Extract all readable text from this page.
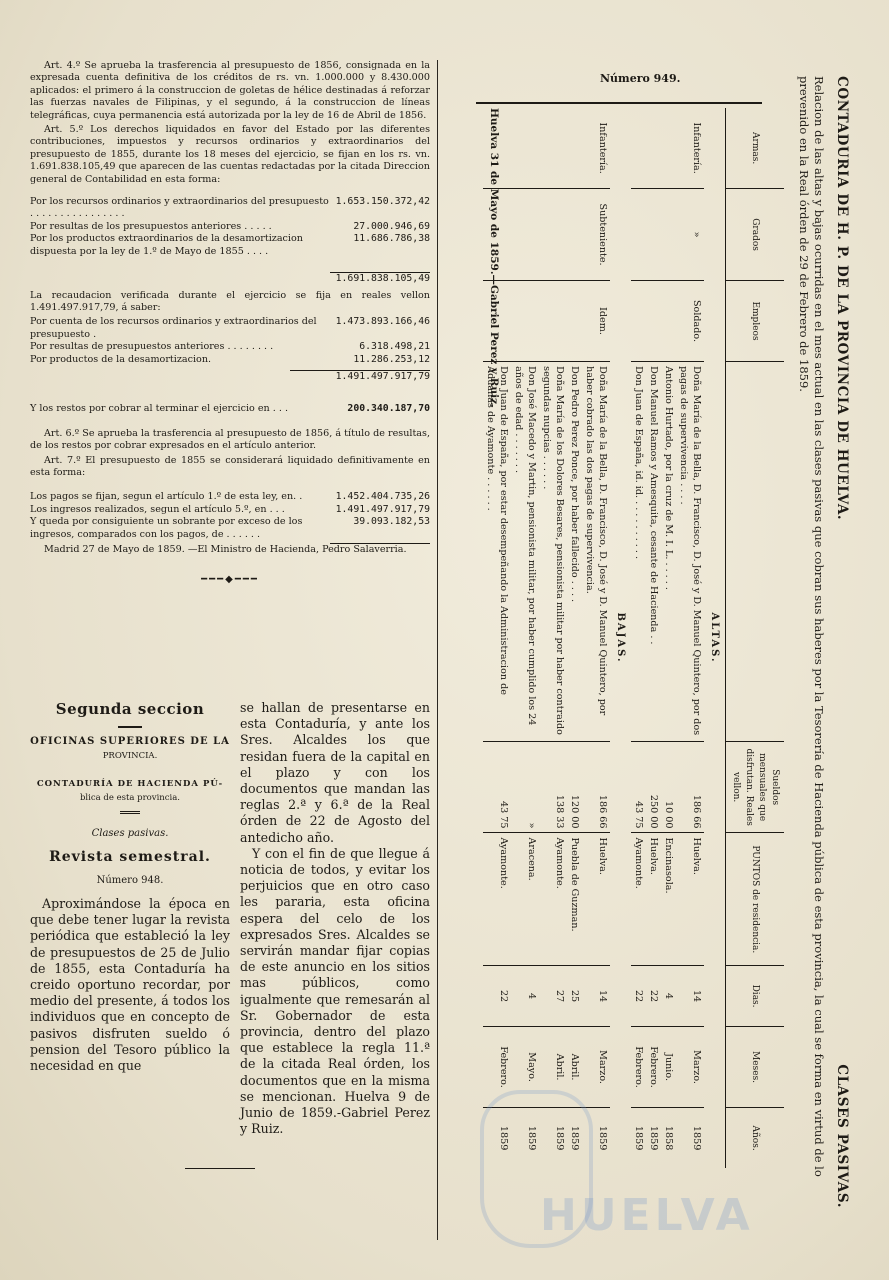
Art. 4.º Se aprueba la trasferencia al presupuesto de 1856, consignada en la expresada cuenta definitiva de los créditos de rs. vn. 1.000.000 y 8.430.000 aplicados: el primero á la construccion de goletas de hélice destinadas á reforzar las fuerzas navales de Filipinas, y el segundo, á la construccion de líneas telegráficas, cuya permanencia está autorizada por la ley de 16 de Abril de 1856.

Art. 5.º Los derechos liquidados en favor del Estado por las diferentes contribuciones, impuestos y recursos ordinarios y extraordinarios del presupuesto de 1855, durante los 18 meses del ejercicio, se fijan en los rs. vn. 1.691.838.105,49 que aparecen de las cuentas redactadas por la citada Direccion general de Contabilidad en esta forma:

Por los recursos ordinarios y extraordinarios del presupuesto . . . . . . . . . . . . . . . .
1.653.150.372,42
Por resultas de los presupuestos anteriores . . . . .	27.000.946,69
Por los productos extraordinarios de la desamortizacion dispuesta por la ley de 1.º de Mayo de 1855 . . . .
11.686.786,38
1.691.838.105,49

La recaudacion verificada durante el ejercicio se fija en reales vellon 1.491.497.917,79, á saber:

Por cuenta de los recursos ordinarios y extraordinarios del presupuesto .
1.473.893.166,46
Por resultas de presupuestos anteriores . . . . . . . .	6.318.498,21
Por productos de la desamortizacion.	11.286.253,12
1.491.497.917,79
Y los restos por cobrar al terminar el ejercicio en . . .	200.340.187,70

Art. 6.º Se aprueba la trasferencia al presupuesto de 1856, á título de resultas, de los restos por cobrar expresados en el artículo anterior.

Art. 7.º El presupuesto de 1855 se considerará liquidado definitivamente en esta forma:

Los pagos se fijan, segun el artículo 1.º de esta ley, en. .	1.452.404.735,26
Los ingresos realizados, segun el artículo 5.º, en . . .	1.491.497.917,79
Y queda por consiguiente un sobrante por exceso de los ingresos, comparados con los pagos, de . . . . . .
39.093.182,53

Madrid 27 de Mayo de 1859. —El Ministro de Hacienda, Pedro Salaverria.

━━━◆━━━
Segunda seccion
OFICINAS SUPERIORES DE LA
PROVINCIA.
CONTADURÍA DE HACIENDA PÚ-
blica de esta provincia.
Clases pasivas.
Revista semestral.
Número 948.
Aproximándose la época en que debe tener lugar la revista periódica que estableció la ley de presupuestos de 25 de Julio de 1855, esta Contaduría ha creido oportuno recordar, por medio del presente, á todos los individuos que en concepto de pasivos disfruten sueldo ó pension del Tesoro público la necesidad en que
se hallan de presentarse en esta Contaduría, y ante los Sres. Alcaldes los que residan fuera de la capital en el plazo y con los documentos que mandan las reglas 2.ª y 6.ª de la Real órden de 22 de Agosto del antedicho año.
Y con el fin de que llegue á noticia de todos, y evitar los perjuicios que en otro caso les pararia, esta oficina espera del celo de los expresados Sres. Alcaldes se servirán mandar fijar copias de este anuncio en los sitios mas públicos, como igualmente que remesarán al Sr. Gobernador de esta provincia, dentro del plazo que establece la regla 11.ª de la citada Real órden, los documentos que en la misma se mencionan. Huelva 9 de Junio de 1859.-Gabriel Perez y Ruiz.
Número 949.	CONTADURIA DE H. P. DE LA PROVINCIA DE HUELVA.
CLASES PASIVAS.
Relacion de las altas y bajas ocurridas en el mes actual en las clases pasivas que cobran sus haberes por la Tesorería de Hacienda pública de esta provincia, la cual se forma en virtud de lo prevenido en la Real órden de 29 de Febrero de 1859.
Armas.	Grados	Empleos		Sueldos mensuales que disfrutan. Reales vellon.	PUNTOS de residencia.	Dias.	Meses.	Años.
ALTAS.								
Infantería.	»	Soldado.	Doña María de la Bella, D. Francisco, D. José y D. Manuel Quintero, por dos pagas de supervivencia . . . .	186 66	Huelva.	14	Marzo.	1859
			Antonio Hurtado, por la cruz de M. I. L. . . . . .	10 00	Encinasola.	4	Junio.	1858
			Don Manuel Ramos y Amesquita, cesante de Hacienda . .	250 00	Huelva.	22	Febrero.	1859
			Don Juan de España, id. id. . . . . . . . . . .	43 75	Ayamonte.	22	Febrero.	1859
BAJAS.								
Infantería.	Subteniente.	Idem.	Doña María de la Bella, D. Francisco, D. José y D. Manuel Quintero, por haber cobrado las dos pagas de supervivencia.	186 66	Huelva.	14	Marzo.	1859
			Don Pedro Perez Ponce, por haber fallecido . . . .	120 00	Puebla de Guzman.	25	Abril.	1859
			Doña María de los Dolores Besares, pensionista militar por haber contraido segundas nupcias . . . . . .	138 33	Ayamonte.	27	Abril.	1859
			Don José Macedo y Martin, pensionista militar, por haber cumplido los 24 años de edad . . . . . . .	»	Aracena.	4	Mayo.	1859
			Don Juan de España, por estar desempeñando la Administracion de Aduanas de Ayamonte . . . . . .	43 75	Ayamonte.	22	Febrero.	1859
Huelva 31 de Mayo de 1859.—Gabriel Perez y Ruiz.
HUELVA
